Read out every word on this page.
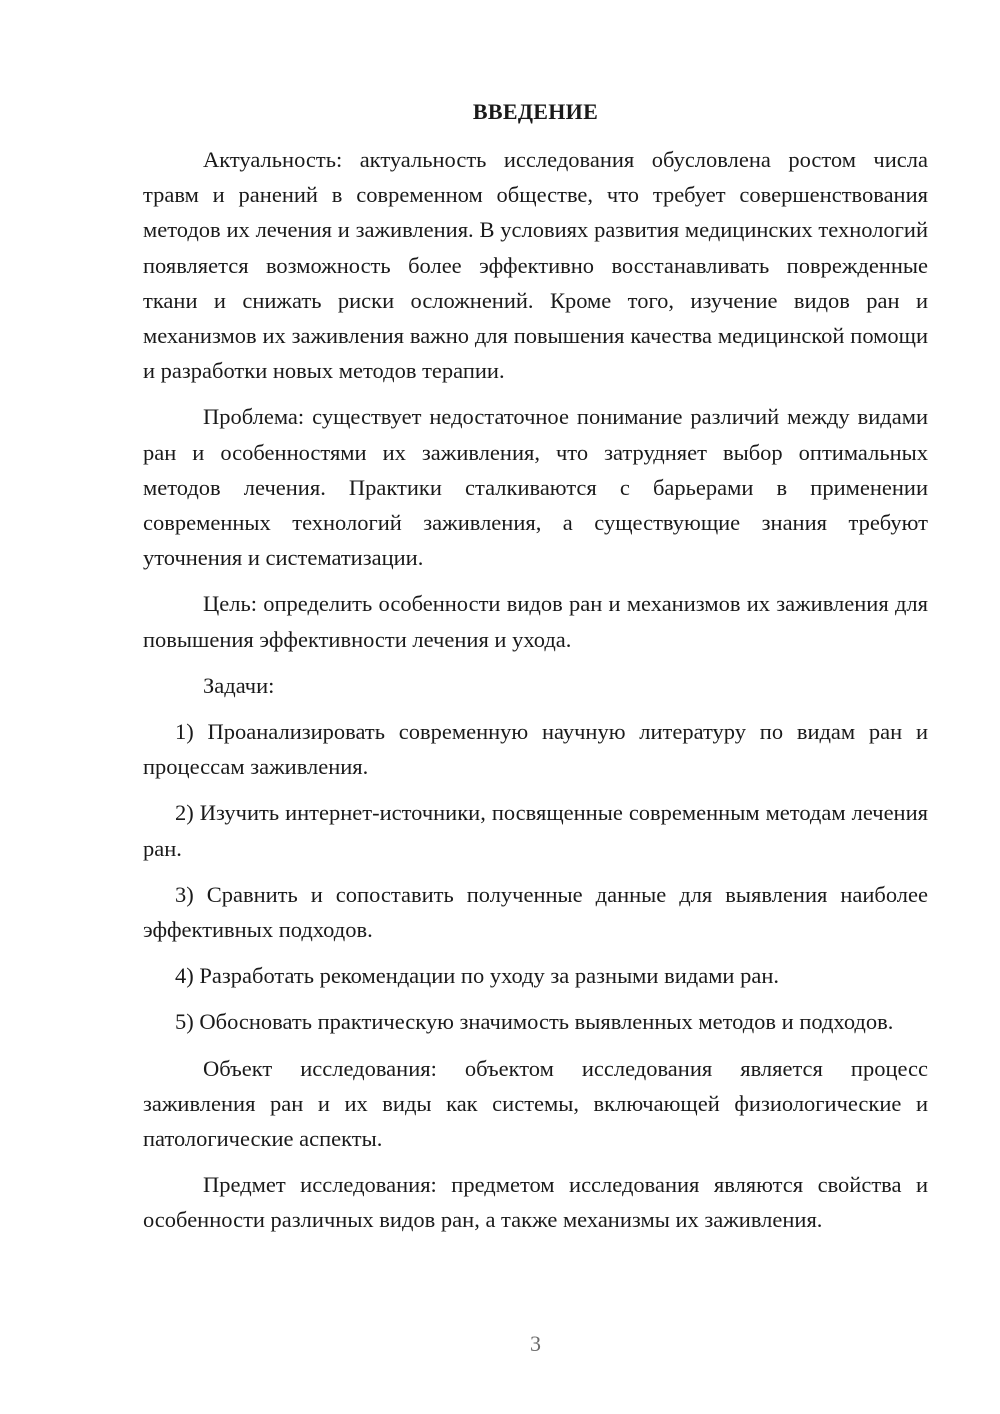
ВВЕДЕНИЕ

Актуальность: актуальность исследования обусловлена ростом числа травм и ранений в современном обществе, что требует совершенствования методов их лечения и заживления. В условиях развития медицинских технологий появляется возможность более эффективно восстанавливать поврежденные ткани и снижать риски осложнений. Кроме того, изучение видов ран и механизмов их заживления важно для повышения качества медицинской помощи и разработки новых методов терапии.

Проблема: существует недостаточное понимание различий между видами ран и особенностями их заживления, что затрудняет выбор оптимальных методов лечения. Практики сталкиваются с барьерами в применении современных технологий заживления, а существующие знания требуют уточнения и систематизации.

Цель: определить особенности видов ран и механизмов их заживления для повышения эффективности лечения и ухода.

Задачи:

1) Проанализировать современную научную литературу по видам ран и процессам заживления.

2) Изучить интернет-источники, посвященные современным методам лечения ран.

3) Сравнить и сопоставить полученные данные для выявления наиболее эффективных подходов.

4) Разработать рекомендации по уходу за разными видами ран.

5) Обосновать практическую значимость выявленных методов и подходов.

Объект исследования: объектом исследования является процесс заживления ран и их виды как системы, включающей физиологические и патологические аспекты.

Предмет исследования: предметом исследования являются свойства и особенности различных видов ран, а также механизмы их заживления.

3
